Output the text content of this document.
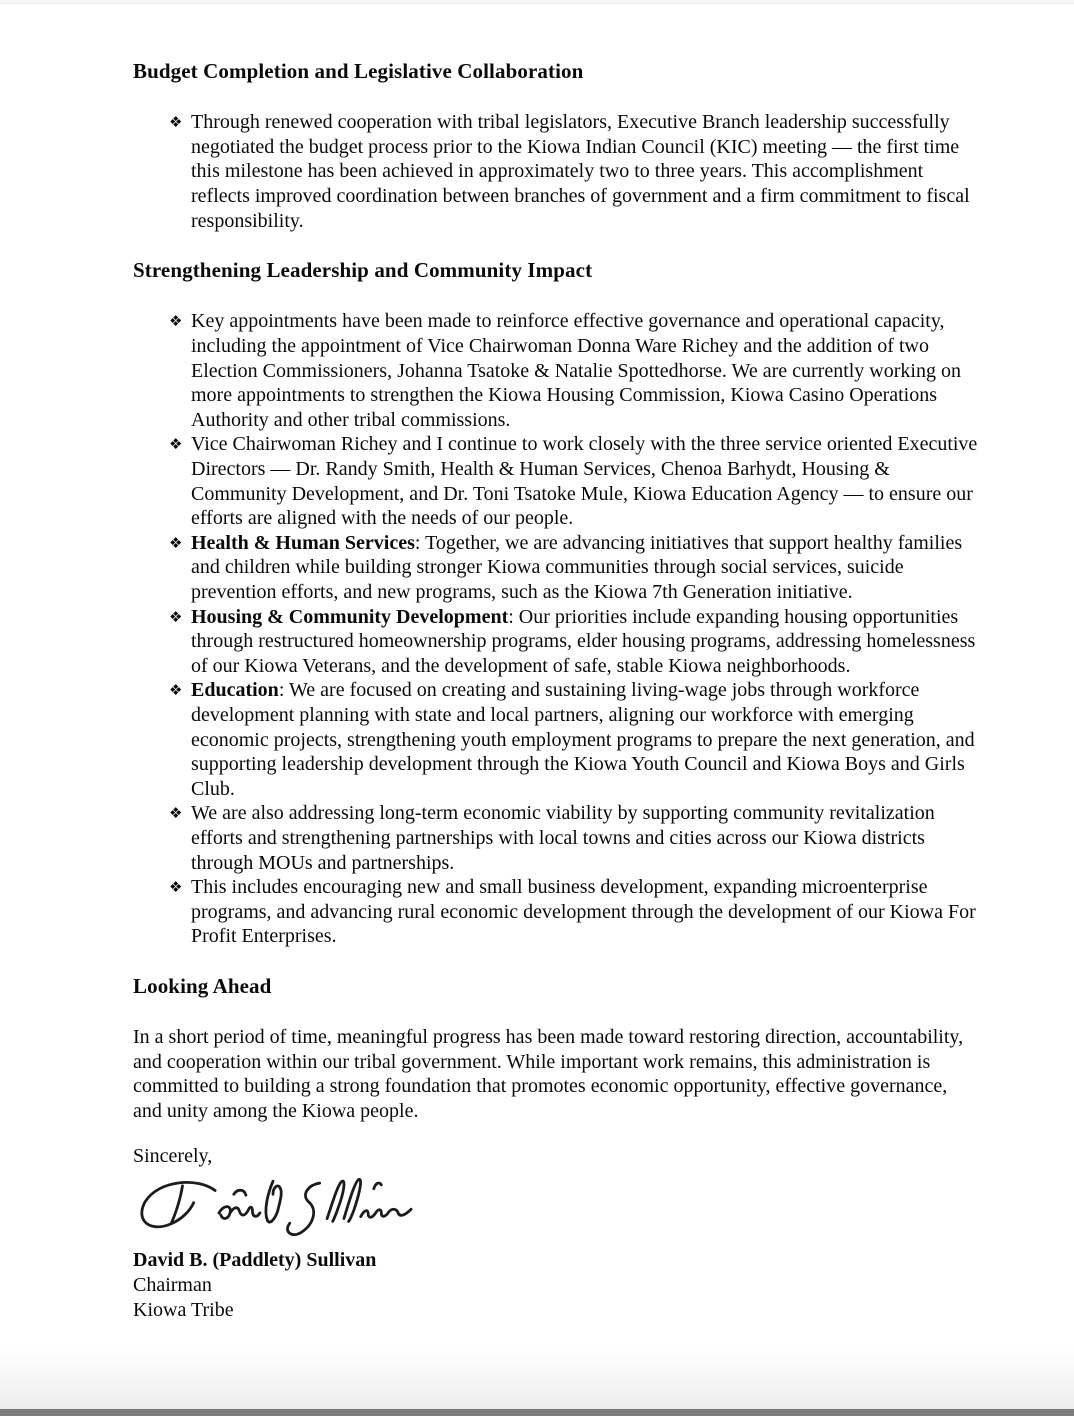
Budget Completion and Legislative Collaboration
❖ Through renewed cooperation with tribal legislators, Executive Branch leadership successfully negotiated the budget process prior to the Kiowa Indian Council (KIC) meeting — the first time this milestone has been achieved in approximately two to three years. This accomplishment reflects improved coordination between branches of government and a firm commitment to fiscal responsibility.
Strengthening Leadership and Community Impact
❖ Key appointments have been made to reinforce effective governance and operational capacity, including the appointment of Vice Chairwoman Donna Ware Richey and the addition of two Election Commissioners, Johanna Tsatoke & Natalie Spottedhorse. We are currently working on more appointments to strengthen the Kiowa Housing Commission, Kiowa Casino Operations Authority and other tribal commissions.
❖ Vice Chairwoman Richey and I continue to work closely with the three service oriented Executive Directors — Dr. Randy Smith, Health & Human Services, Chenoa Barhydt, Housing & Community Development, and Dr. Toni Tsatoke Mule, Kiowa Education Agency — to ensure our efforts are aligned with the needs of our people.
❖ Health & Human Services: Together, we are advancing initiatives that support healthy families and children while building stronger Kiowa communities through social services, suicide prevention efforts, and new programs, such as the Kiowa 7th Generation initiative.
❖ Housing & Community Development: Our priorities include expanding housing opportunities through restructured homeownership programs, elder housing programs, addressing homelessness of our Kiowa Veterans, and the development of safe, stable Kiowa neighborhoods.
❖ Education: We are focused on creating and sustaining living-wage jobs through workforce development planning with state and local partners, aligning our workforce with emerging economic projects, strengthening youth employment programs to prepare the next generation, and supporting leadership development through the Kiowa Youth Council and Kiowa Boys and Girls Club.
❖ We are also addressing long-term economic viability by supporting community revitalization efforts and strengthening partnerships with local towns and cities across our Kiowa districts through MOUs and partnerships.
❖ This includes encouraging new and small business development, expanding microenterprise programs, and advancing rural economic development through the development of our Kiowa For Profit Enterprises.
Looking Ahead

In a short period of time, meaningful progress has been made toward restoring direction, accountability, and cooperation within our tribal government. While important work remains, this administration is committed to building a strong foundation that promotes economic opportunity, effective governance, and unity among the Kiowa people.

Sincerely,

David B. (Paddlety) Sullivan

Chairman

Kiowa Tribe
